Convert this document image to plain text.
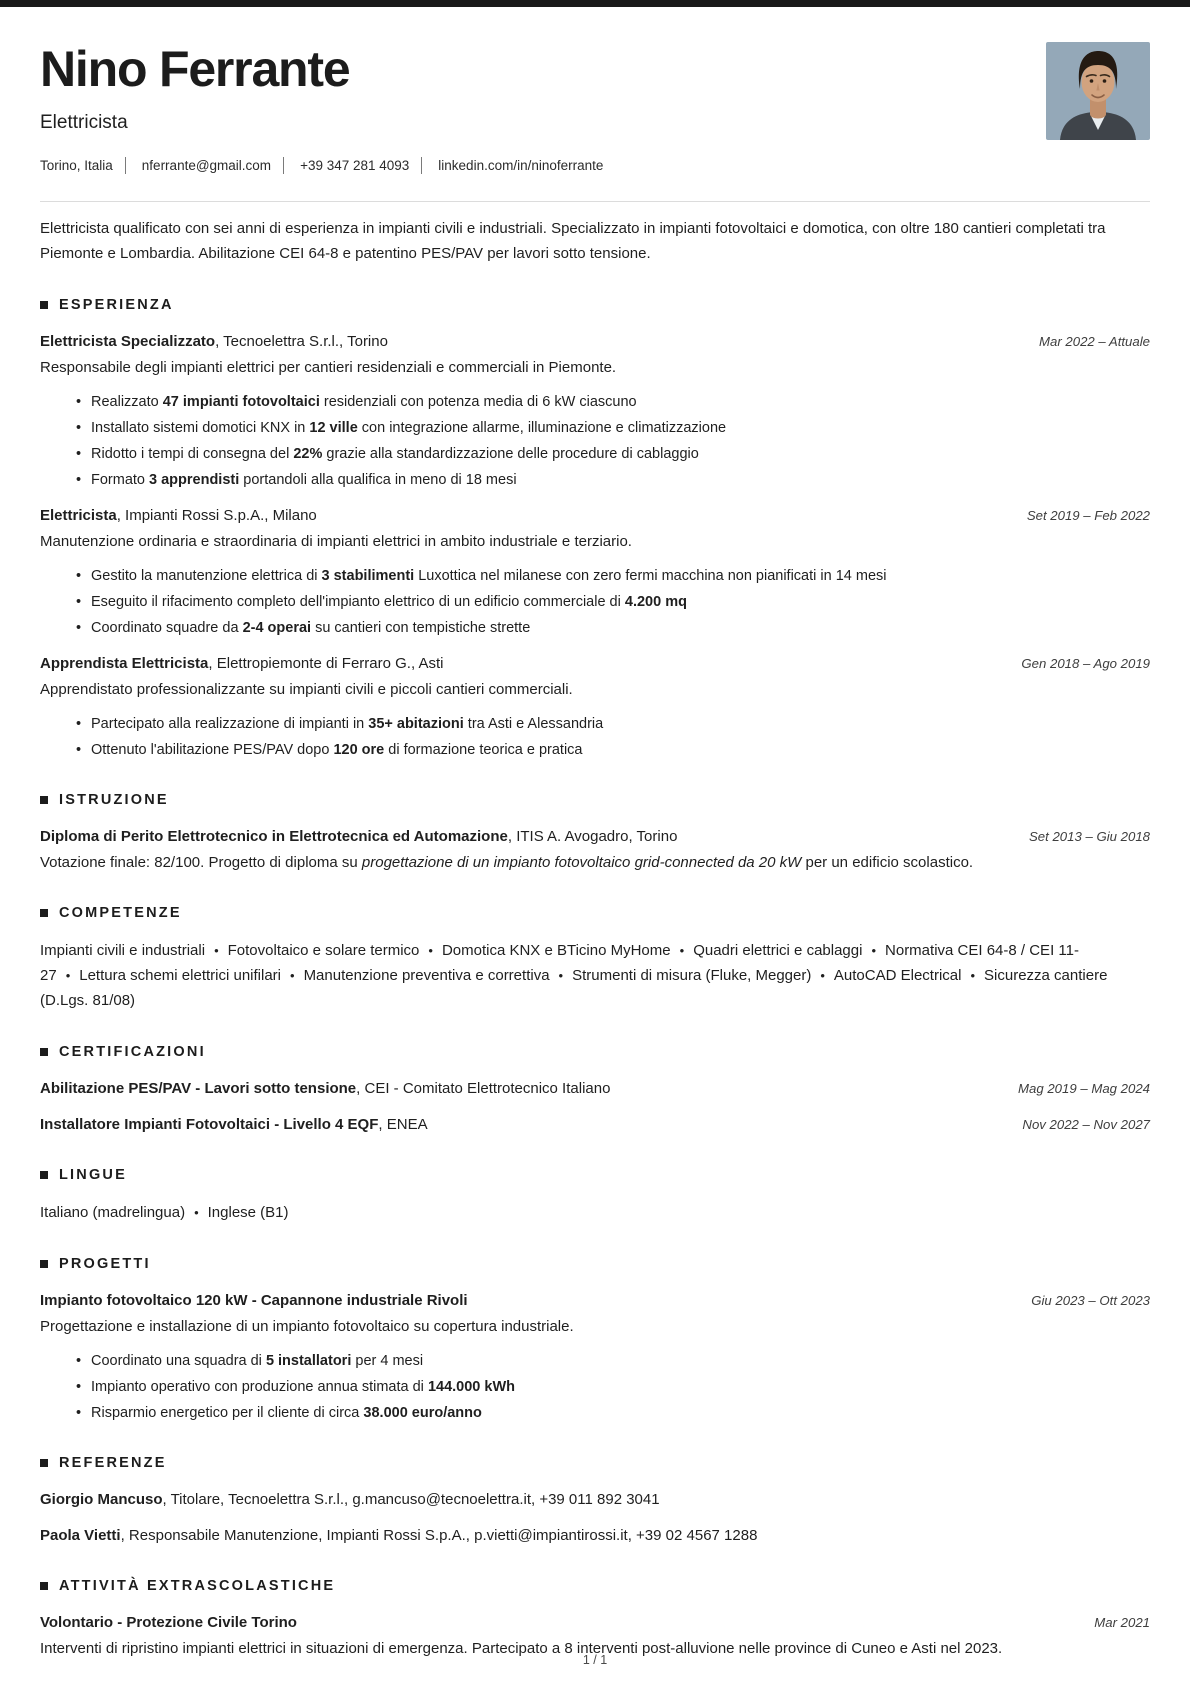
Nino Ferrante
Elettricista
Torino, Italia nferrante@gmail.com +39 347 281 4093 linkedin.com/in/ninoferrante

Elettricista qualificato con sei anni di esperienza in impianti civili e industriali. Specializzato in impianti fotovoltaici e domotica, con oltre 180 cantieri completati tra Piemonte e Lombardia. Abilitazione CEI 64-8 e patentino PES/PAV per lavori sotto tensione.

ESPERIENZA

Elettricista Specializzato, Tecnoelettra S.r.l., Torino	Mar 2022 – Attuale

Responsabile degli impianti elettrici per cantieri residenziali e commerciali in Piemonte.

• Realizzato 47 impianti fotovoltaici residenziali con potenza media di 6 kW ciascuno
• Installato sistemi domotici KNX in 12 ville con integrazione allarme, illuminazione e climatizzazione
• Ridotto i tempi di consegna del 22% grazie alla standardizzazione delle procedure di cablaggio
• Formato 3 apprendisti portandoli alla qualifica in meno di 18 mesi

Elettricista, Impianti Rossi S.p.A., Milano	Set 2019 – Feb 2022

Manutenzione ordinaria e straordinaria di impianti elettrici in ambito industriale e terziario.

• Gestito la manutenzione elettrica di 3 stabilimenti Luxottica nel milanese con zero fermi macchina non pianificati in 14 mesi
• Eseguito il rifacimento completo dell'impianto elettrico di un edificio commerciale di 4.200 mq
• Coordinato squadre da 2-4 operai su cantieri con tempistiche strette

Apprendista Elettricista, Elettropiemonte di Ferraro G., Asti	Gen 2018 – Ago 2019

Apprendistato professionalizzante su impianti civili e piccoli cantieri commerciali.

• Partecipato alla realizzazione di impianti in 35+ abitazioni tra Asti e Alessandria
• Ottenuto l'abilitazione PES/PAV dopo 120 ore di formazione teorica e pratica
ISTRUZIONE

Diploma di Perito Elettrotecnico in Elettrotecnica ed Automazione, ITIS A. Avogadro, Torino	Set 2013 – Giu 2018

Votazione finale: 82/100. Progetto di diploma su progettazione di un impianto fotovoltaico grid-connected da 20 kW per un edificio scolastico.

COMPETENZE

Impianti civili e industriali • Fotovoltaico e solare termico • Domotica KNX e BTicino MyHome • Quadri elettrici e cablaggi • Normativa CEI 64-8 / CEI 11-27 • Lettura schemi elettrici unifilari • Manutenzione preventiva e correttiva • Strumenti di misura (Fluke, Megger) • AutoCAD Electrical • Sicurezza cantiere (D.Lgs. 81/08)

CERTIFICAZIONI

Abilitazione PES/PAV - Lavori sotto tensione, CEI - Comitato Elettrotecnico Italiano	Mag 2019 – Mag 2024

Installatore Impianti Fotovoltaici - Livello 4 EQF, ENEA	Nov 2022 – Nov 2027
LINGUE

Italiano (madrelingua) • Inglese (B1)

PROGETTI

Impianto fotovoltaico 120 kW - Capannone industriale Rivoli	Giu 2023 – Ott 2023

Progettazione e installazione di un impianto fotovoltaico su copertura industriale.

• Coordinato una squadra di 5 installatori per 4 mesi
• Impianto operativo con produzione annua stimata di 144.000 kWh
• Risparmio energetico per il cliente di circa 38.000 euro/anno
REFERENZE

Giorgio Mancuso, Titolare, Tecnoelettra S.r.l., g.mancuso@tecnoelettra.it, +39 011 892 3041

Paola Vietti, Responsabile Manutenzione, Impianti Rossi S.p.A., p.vietti@impiantirossi.it, +39 02 4567 1288

ATTIVITÀ EXTRASCOLASTICHE

Volontario - Protezione Civile Torino	Mar 2021

Interventi di ripristino impianti elettrici in situazioni di emergenza. Partecipato a 8 interventi post-alluvione nelle province di Cuneo e Asti nel 2023.

1 / 1
